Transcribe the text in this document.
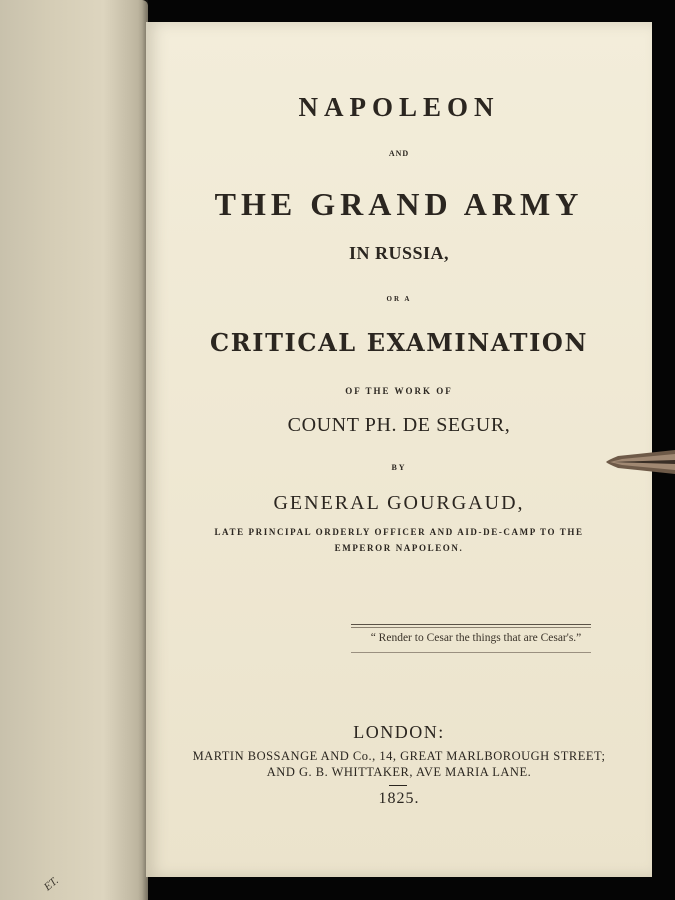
ET.
NAPOLEON
AND
THE GRAND ARMY
IN RUSSIA,
OR A
CRITICAL EXAMINATION
OF THE WORK OF
COUNT PH. DE SEGUR,
BY
GENERAL GOURGAUD,
LATE PRINCIPAL ORDERLY OFFICER AND AID-DE-CAMP TO THE
EMPEROR NAPOLEON.
“ Render to Cesar the things that are Cesar's.”
LONDON:
MARTIN BOSSANGE AND Co., 14, GREAT MARLBOROUGH STREET;
AND G. B. WHITTAKER, AVE MARIA LANE.
1825.
